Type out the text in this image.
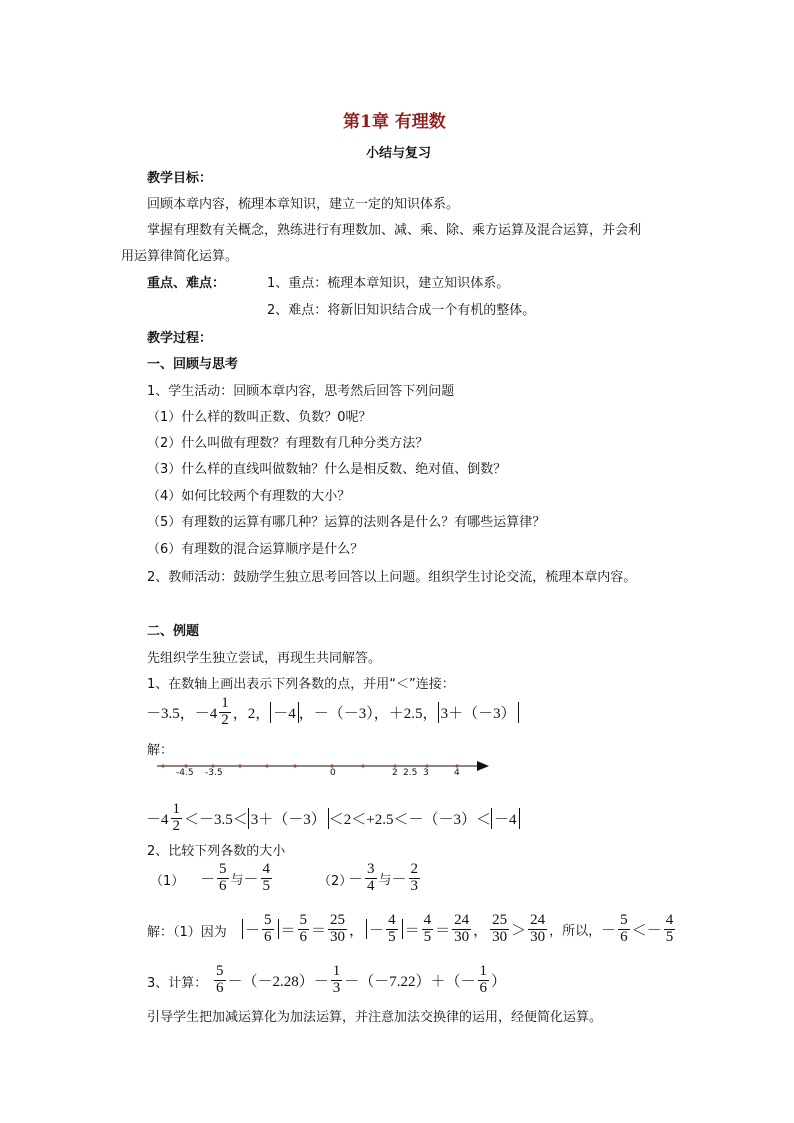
第1章 有理数
小结与复习
教学目标：
回顾本章内容，梳理本章知识，建立一定的知识体系。
掌握有理数有关概念，熟练进行有理数加、减、乘、除、乘方运算及混合运算，并会利
用运算律简化运算。
重点、难点：	1、重点：梳理本章知识，建立知识体系。
2、难点：将新旧知识结合成一个有机的整体。
教学过程：
一、回顾与思考
1、学生活动：回顾本章内容，思考然后回答下列问题
（1）什么样的数叫正数、负数？0呢？
（2）什么叫做有理数？有理数有几种分类方法？
（3）什么样的直线叫做数轴？什么是相反数、绝对值、倒数？
（4）如何比较两个有理数的大小？
（5）有理数的运算有哪几种？运算的法则各是什么？有哪些运算律？
（6）有理数的混合运算顺序是什么？
2、教师活动：鼓励学生独立思考回答以上问题。组织学生讨论交流，梳理本章内容。
二、例题
先组织学生独立尝试，再现生共同解答。
1、在数轴上画出表示下列各数的点，并用“＜”连接：
－3.5，$-4 \frac{1}{2}$ ，2， －4 ，－（－3），＋2.5， 3＋（－3）
解：
-4.5 -3.5	0	2 2.5 3	4
$-4 \frac{1}{2} <-3.5< 3+(-3) <2<+2.5<-(-3)< -4$
2、比较下列各数的大小
$(1) - \frac{5}{6}$ 与 － $\frac{4}{5}$	（2）
－ $\frac{3}{4}$ 与 － $\frac{2}{3}$
解：（1）因为 － $\frac{5}{6} = \frac{5}{6} = \frac{25}{30}$ ， － $\frac{4}{5} = \frac{4}{5} = \frac{24}{30}$ ， $\frac{25}{30} > \frac{24}{30}$ ，所以， － $\frac{5}{6}$ ＜ － $\frac{4}{5}$
3、计算： $\frac{5}{6} -(-2.28)- \frac{1}{3} -(-7.22)+(- \frac{1}{6}$ ）
引导学生把加减运算化为加法运算，并注意加法交换律的运用，经便简化运算。
